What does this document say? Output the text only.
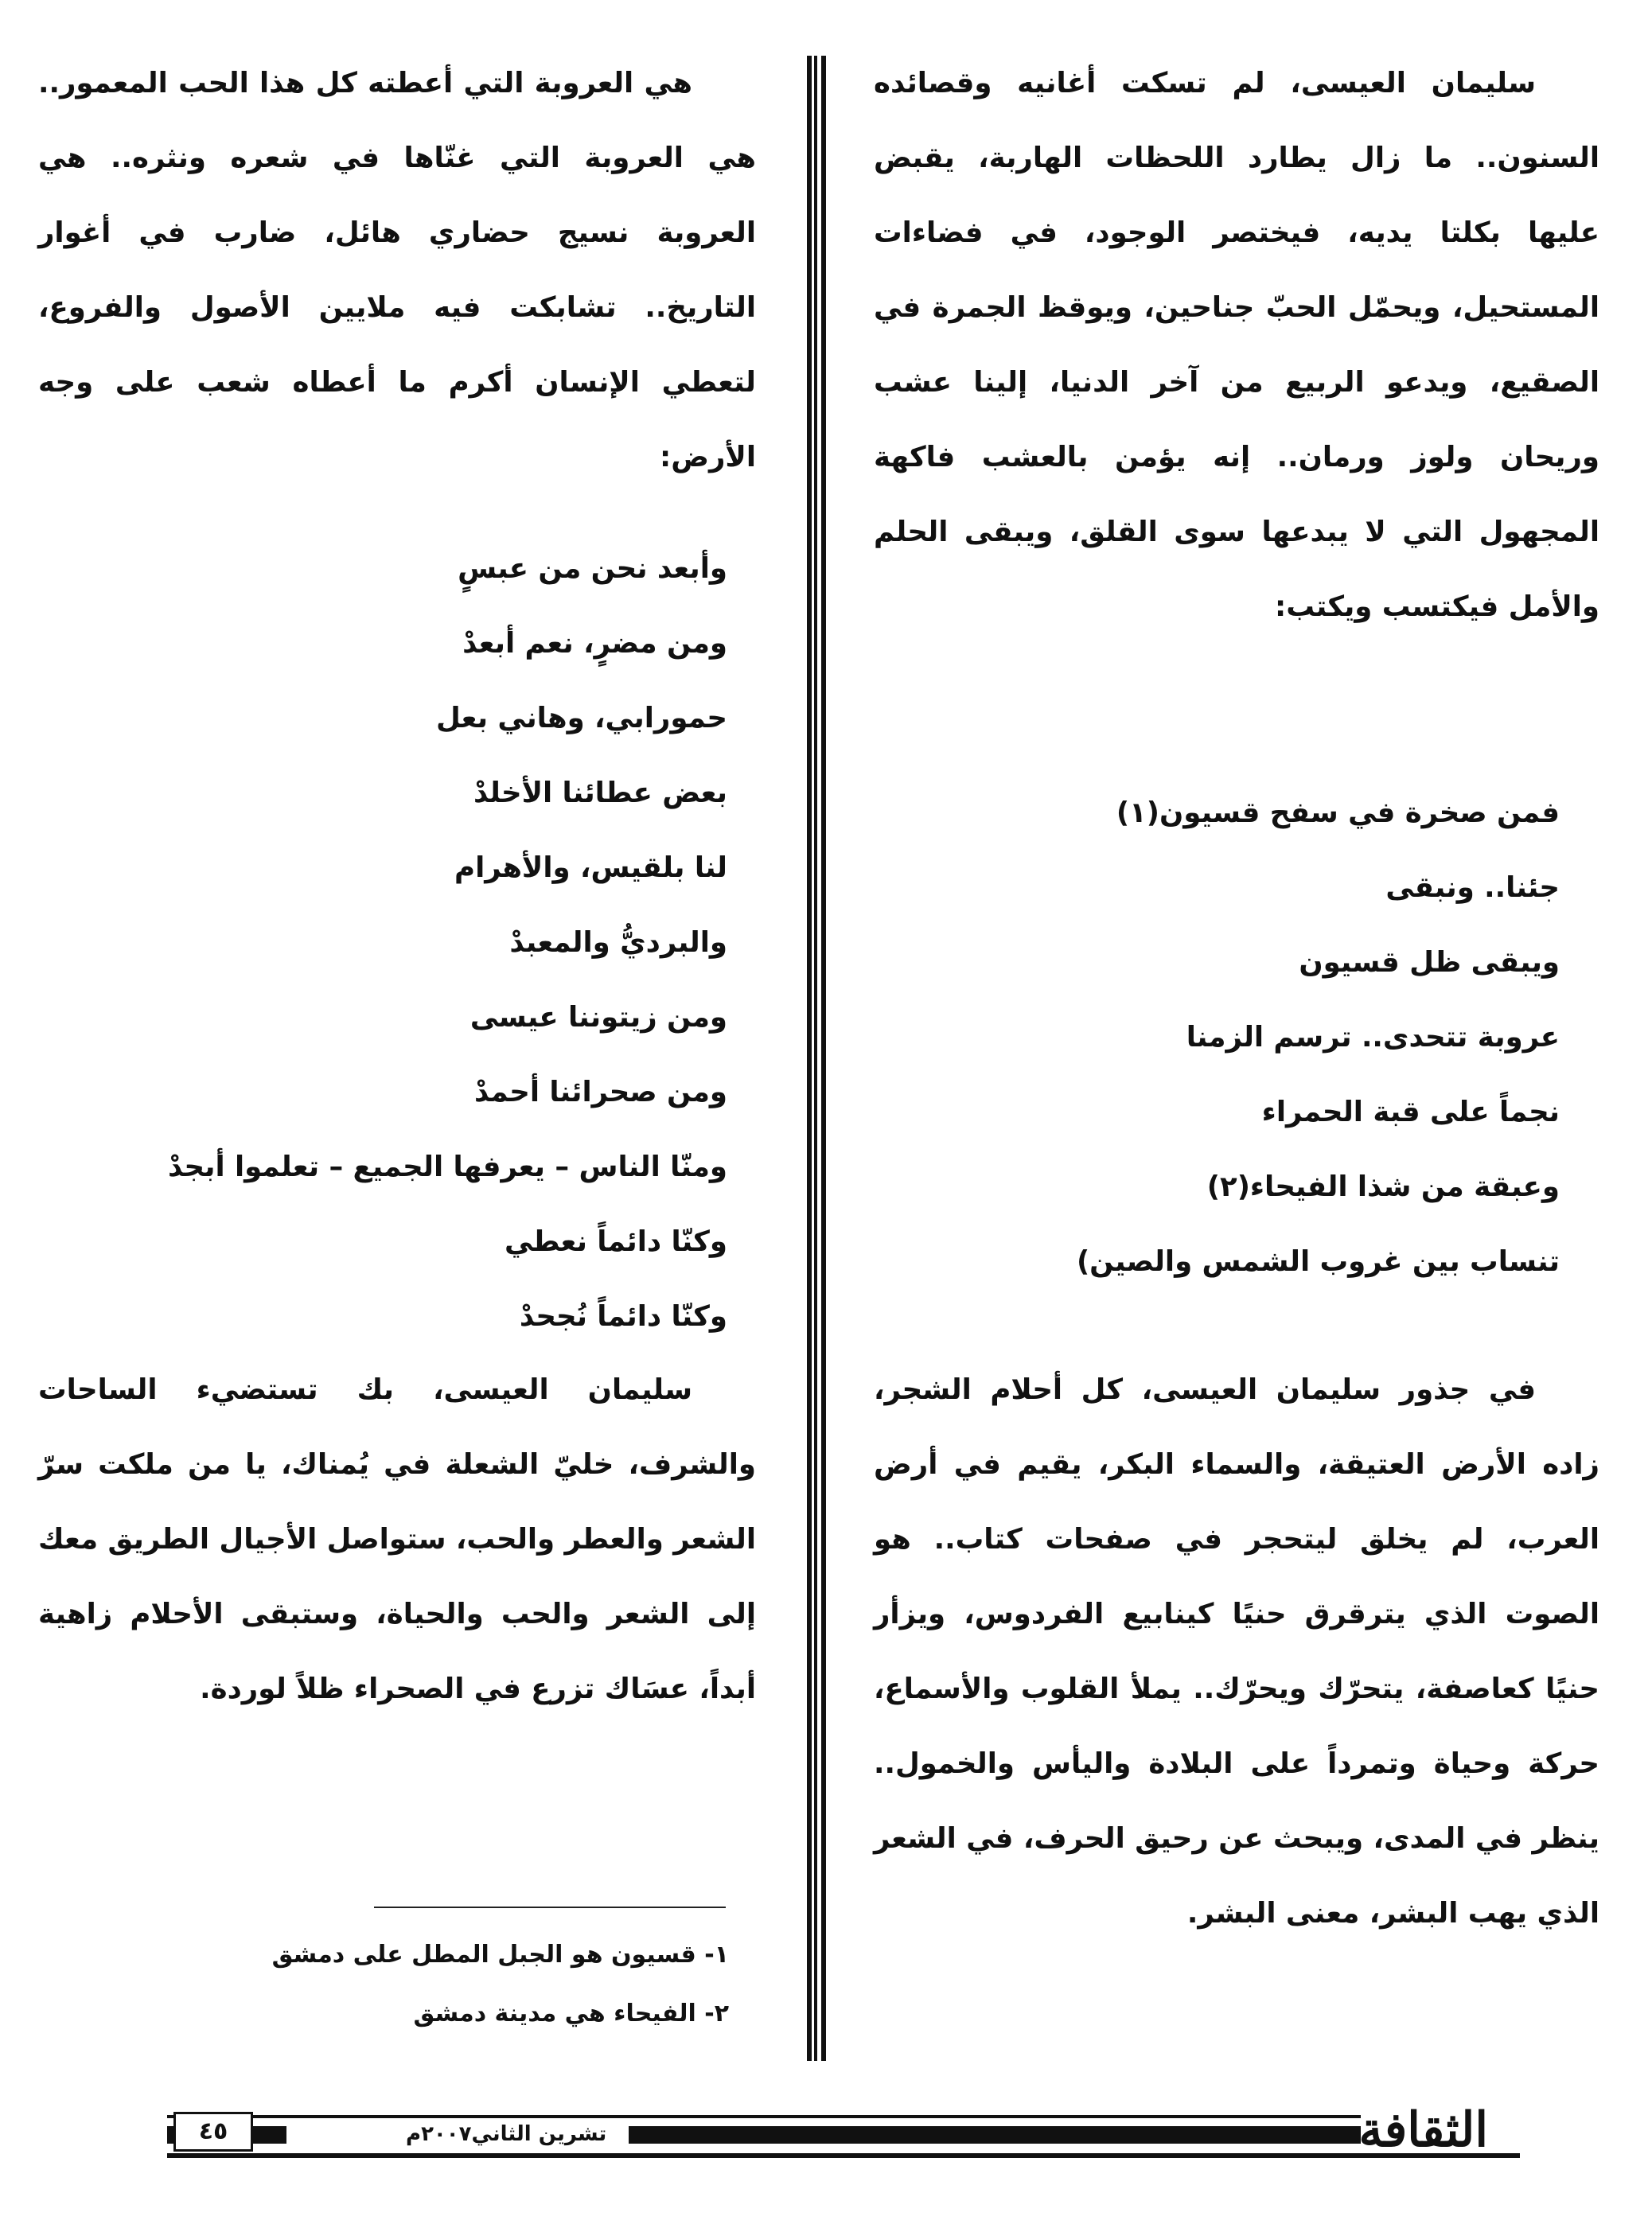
سليمان العيسى، لم تسكت أغانيه وقصائده السنون.. ما زال يطارد اللحظات الهاربة، يقبض عليها بكلتا يديه، فيختصر الوجود، في فضاءات المستحيل، ويحمّل الحبّ جناحين، ويوقظ الجمرة في الصقيع، ويدعو الربيع من آخر الدنيا، إلينا عشب وريحان ولوز ورمان.. إنه يؤمن بالعشب فاكهة المجهول التي لا يبدعها سوى القلق، ويبقى الحلم والأمل فيكتسب ويكتب:

فمن صخرة في سفح قسيون(١)
جئنا.. ونبقى
ويبقى ظل قسيون
عروبة تتحدى.. ترسم الزمنا
نجماً على قبة الحمراء
وعبقة من شذا الفيحاء(٢)
تنساب بين غروب الشمس والصين)

في جذور سليمان العيسى، كل أحلام الشجر، زاده الأرض العتيقة، والسماء البكر، يقيم في أرض العرب، لم يخلق ليتحجر في صفحات كتاب.. هو الصوت الذي يترقرق حنيًا كينابيع الفردوس، ويزأر حنيًا كعاصفة، يتحرّك ويحرّك.. يملأ القلوب والأسماع، حركة وحياة وتمرداً على البلادة واليأس والخمول.. ينظر في المدى، ويبحث عن رحيق الحرف، في الشعر الذي يهب البشر، معنى البشر.

هي العروبة التي أعطته كل هذا الحب المعمور.. هي العروبة التي غنّاها في شعره ونثره.. هي العروبة نسيج حضاري هائل، ضارب في أغوار التاريخ.. تشابكت فيه ملايين الأصول والفروع، لتعطي الإنسان أكرم ما أعطاه شعب على وجه الأرض:

وأبعد نحن من عبسٍ
ومن مضرٍ، نعم أبعدْ
حمورابي، وهاني بعل
بعض عطائنا الأخلدْ
لنا بلقيس، والأهرام
والبرديُّ والمعبدْ
ومن زيتوننا عيسى
ومن صحرائنا أحمدْ
ومنّا الناس – يعرفها الجميع – تعلموا أبجدْ
وكنّا دائماً نعطي
وكنّا دائماً نُجحدْ

سليمان العيسى، بك تستضيء الساحات والشرف، خليّ الشعلة في يُمناك، يا من ملكت سرّ الشعر والعطر والحب، ستواصل الأجيال الطريق معك إلى الشعر والحب والحياة، وستبقى الأحلام زاهية أبداً، عسَاك تزرع في الصحراء ظلاً لوردة.

١- قسيون هو الجبل المطل على دمشق
٢- الفيحاء هي مدينة دمشق
الثقافة
تشرين الثاني٢٠٠٧م
٤٥
